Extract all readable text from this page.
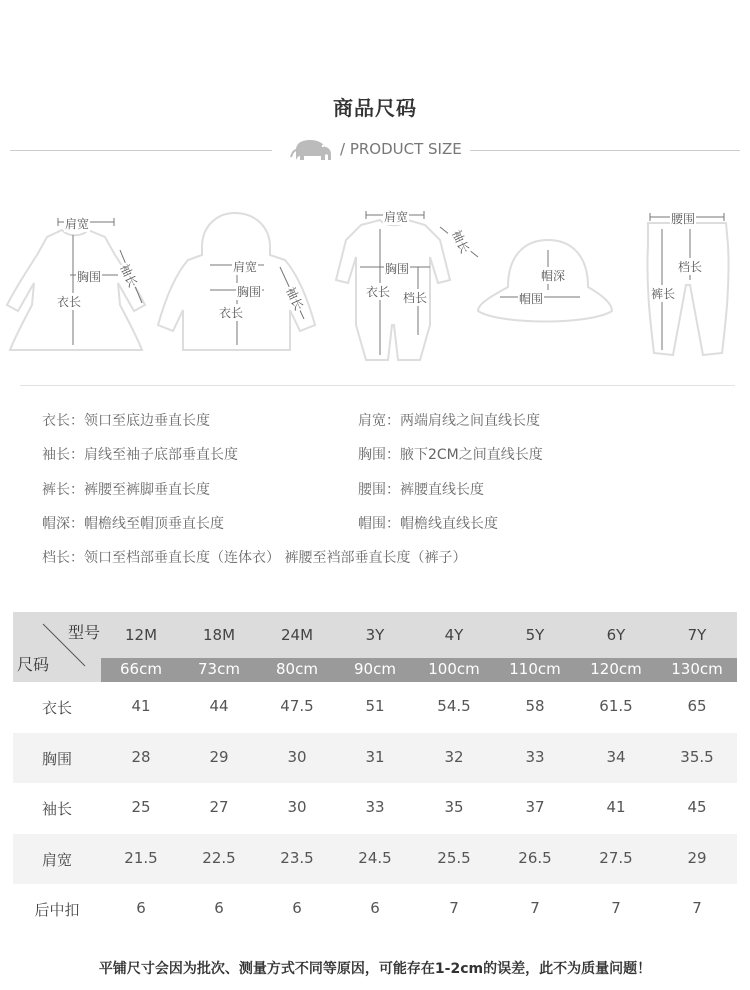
商品尺码
/ PRODUCT SIZE
肩宽
胸围 袖长
衣长
肩宽
胸围 袖长
衣长
肩宽
胸围
袖长
衣长 档长
帽深
帽围
腰围
档长
裤长
衣长：领口至底边垂直长度	肩宽：两端肩线之间直线长度
袖长：肩线至袖子底部垂直长度	胸围：腋下2CM之间直线长度
裤长：裤腰至裤脚垂直长度	腰围：裤腰直线长度
帽深：帽檐线至帽顶垂直长度	帽围：帽檐线直线长度
档长：领口至档部垂直长度（连体衣） 裤腰至裆部垂直长度（裤子）
型号
尺码
12M	18M	24M	3Y	4Y	5Y	6Y	7Y
66cm	73cm	80cm	90cm	100cm	110cm	120cm	130cm
衣长	41	44	47.5	51	54.5	58	61.5	65
胸围	28	29	30	31	32	33	34	35.5
袖长	25	27	30	33	35	37	41	45
肩宽	21.5	22.5	23.5	24.5	25.5	26.5	27.5	29
后中扣	6	6	6	6	7	7	7	7
平铺尺寸会因为批次、测量方式不同等原因，可能存在1-2cm的误差，此不为质量问题！
